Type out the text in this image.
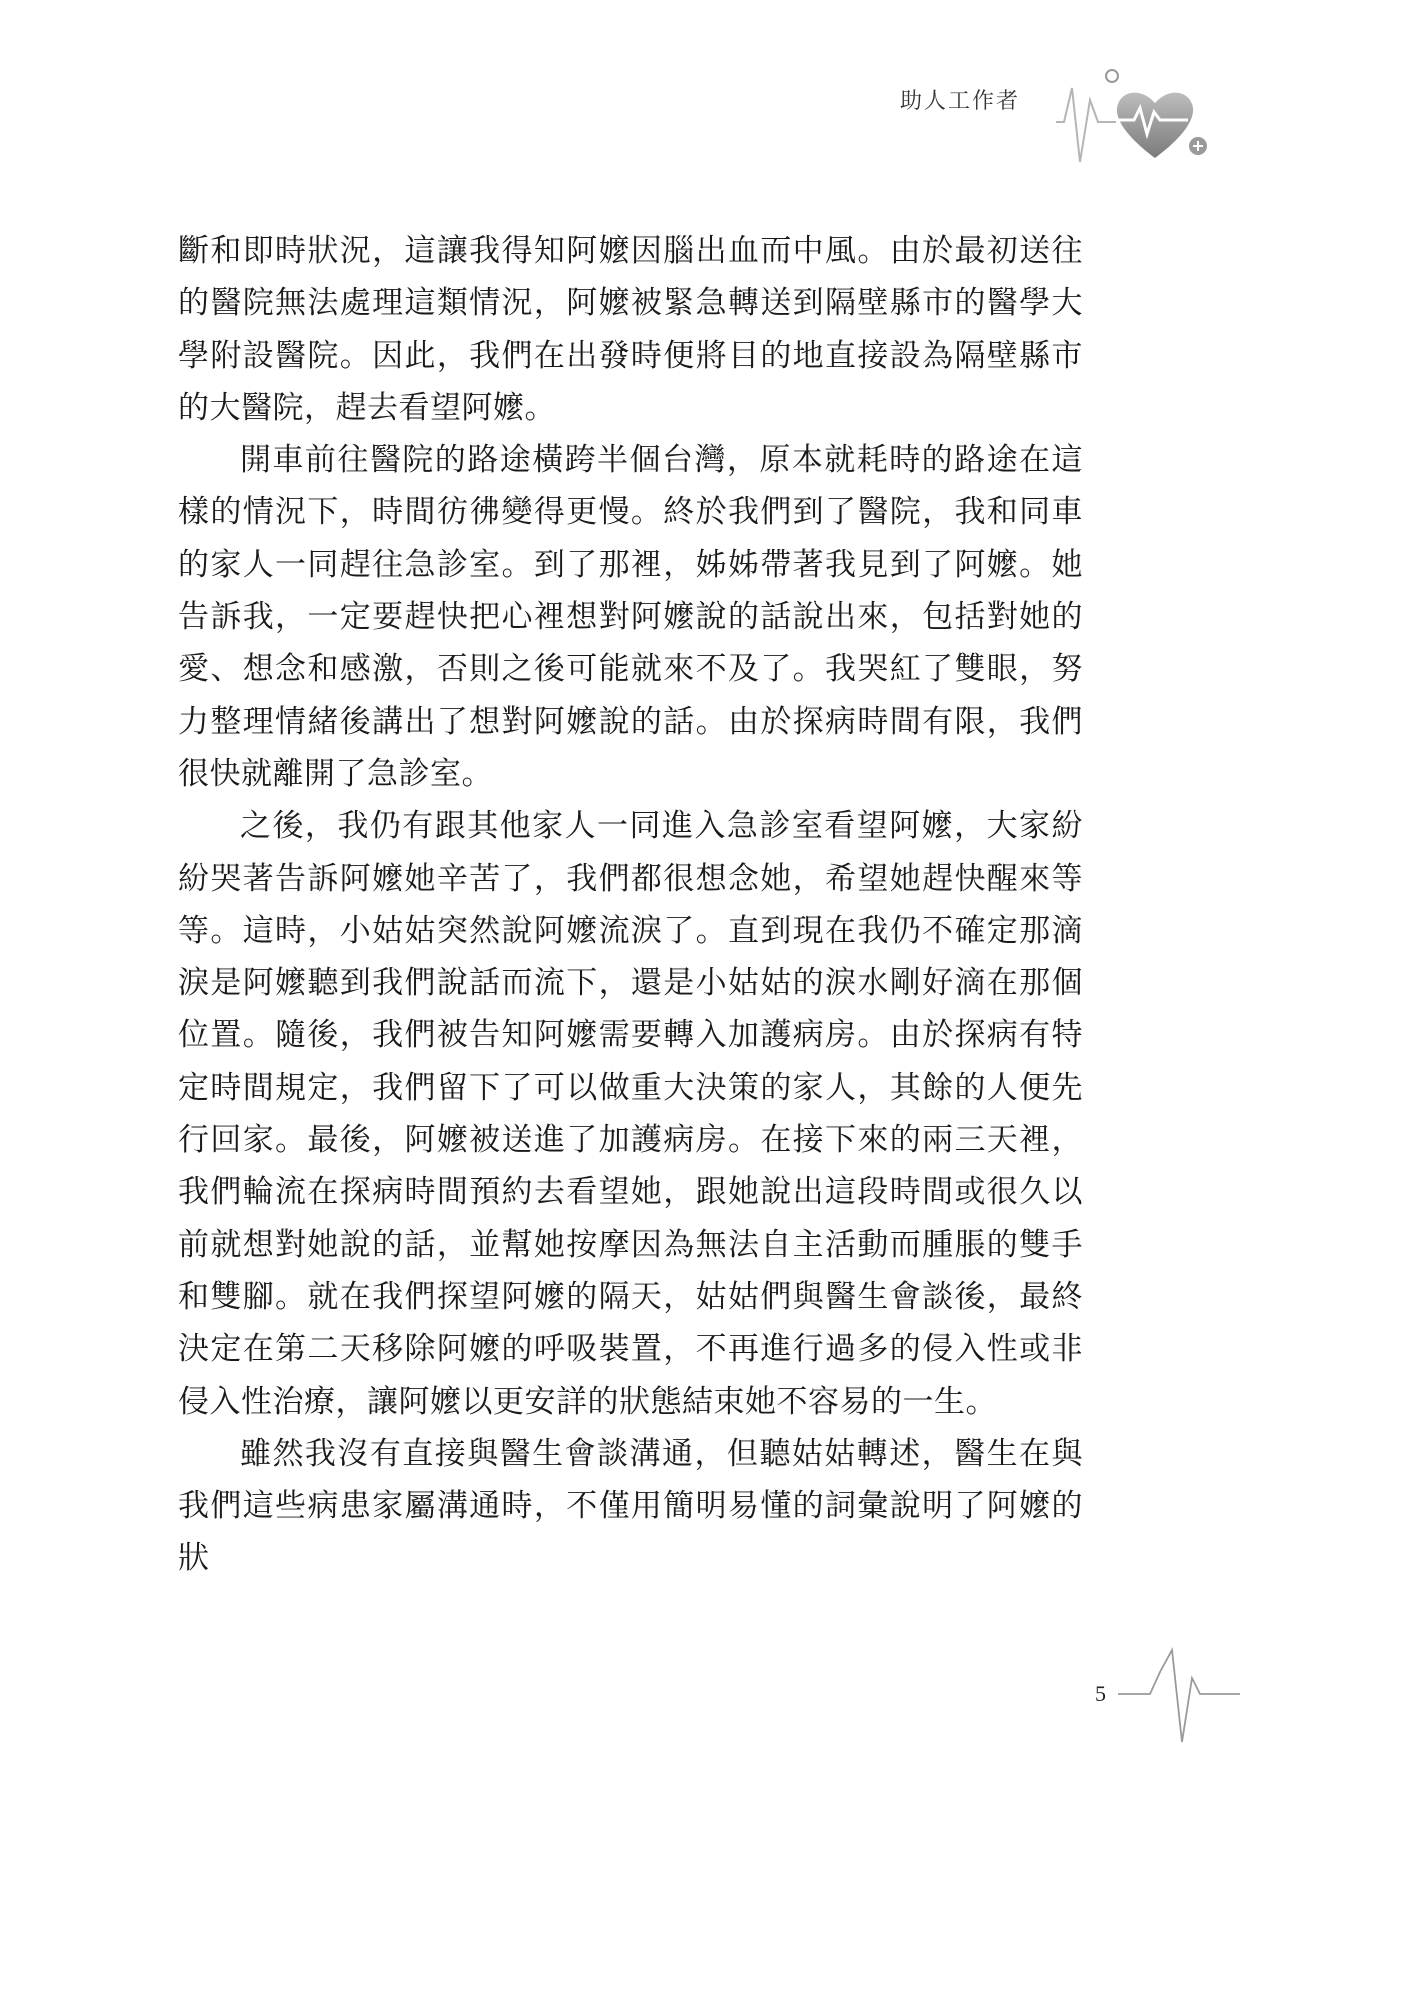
助人工作者

斷和即時狀況，這讓我得知阿嬤因腦出血而中風。由於最初送往的醫院無法處理這類情況，阿嬤被緊急轉送到隔壁縣市的醫學大學附設醫院。因此，我們在出發時便將目的地直接設為隔壁縣市的大醫院，趕去看望阿嬤。

開車前往醫院的路途橫跨半個台灣，原本就耗時的路途在這樣的情況下，時間彷彿變得更慢。終於我們到了醫院，我和同車的家人一同趕往急診室。到了那裡，姊姊帶著我見到了阿嬤。她告訴我，一定要趕快把心裡想對阿嬤說的話說出來，包括對她的愛、想念和感激，否則之後可能就來不及了。我哭紅了雙眼，努力整理情緒後講出了想對阿嬤說的話。由於探病時間有限，我們很快就離開了急診室。

之後，我仍有跟其他家人一同進入急診室看望阿嬤，大家紛紛哭著告訴阿嬤她辛苦了，我們都很想念她，希望她趕快醒來等等。這時，小姑姑突然說阿嬤流淚了。直到現在我仍不確定那滴淚是阿嬤聽到我們說話而流下，還是小姑姑的淚水剛好滴在那個位置。隨後，我們被告知阿嬤需要轉入加護病房。由於探病有特定時間規定，我們留下了可以做重大決策的家人，其餘的人便先行回家。最後，阿嬤被送進了加護病房。在接下來的兩三天裡，我們輪流在探病時間預約去看望她，跟她說出這段時間或很久以前就想對她說的話，並幫她按摩因為無法自主活動而腫脹的雙手和雙腳。就在我們探望阿嬤的隔天，姑姑們與醫生會談後，最終決定在第二天移除阿嬤的呼吸裝置，不再進行過多的侵入性或非侵入性治療，讓阿嬤以更安詳的狀態結束她不容易的一生。

雖然我沒有直接與醫生會談溝通，但聽姑姑轉述，醫生在與我們這些病患家屬溝通時，不僅用簡明易懂的詞彙說明了阿嬤的狀

5
